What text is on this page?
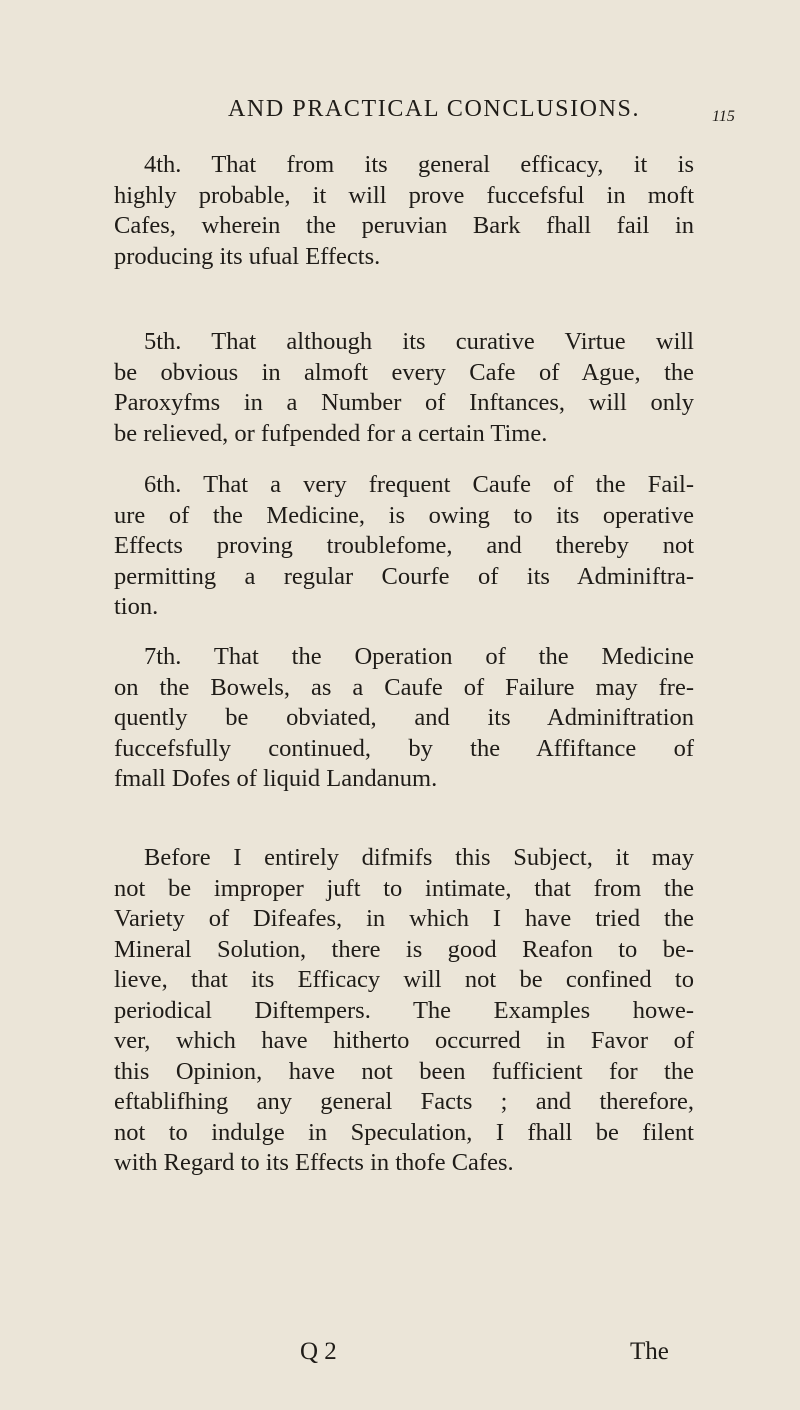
AND PRACTICAL CONCLUSIONS.	115

4th. That from its general efficacy, it is
highly probable, it will prove fuccefsful in moft
Cafes, wherein the peruvian Bark fhall fail in
producing its ufual Effects.

5th. That although its curative Virtue will
be obvious in almoft every Cafe of Ague, the
Paroxyfms in a Number of Inftances, will only
be relieved, or fufpended for a certain Time.

6th. That a very frequent Caufe of the Fail-
ure of the Medicine, is owing to its operative
Effects proving troublefome, and thereby not
permitting a regular Courfe of its Adminiftra-
tion.

7th. That the Operation of the Medicine
on the Bowels, as a Caufe of Failure may fre-
quently be obviated, and its Adminiftration
fuccefsfully continued, by the Affiftance of
fmall Dofes of liquid Landanum.

Before I entirely difmifs this Subject, it may
not be improper juft to intimate, that from the
Variety of Difeafes, in which I have tried the
Mineral Solution, there is good Reafon to be-
lieve, that its Efficacy will not be confined to
periodical Diftempers. The Examples howe-
ver, which have hitherto occurred in Favor of
this Opinion, have not been fufficient for the
eftablifhing any general Facts ; and therefore,
not to indulge in Speculation, I fhall be filent
with Regard to its Effects in thofe Cafes.

Q 2	The
